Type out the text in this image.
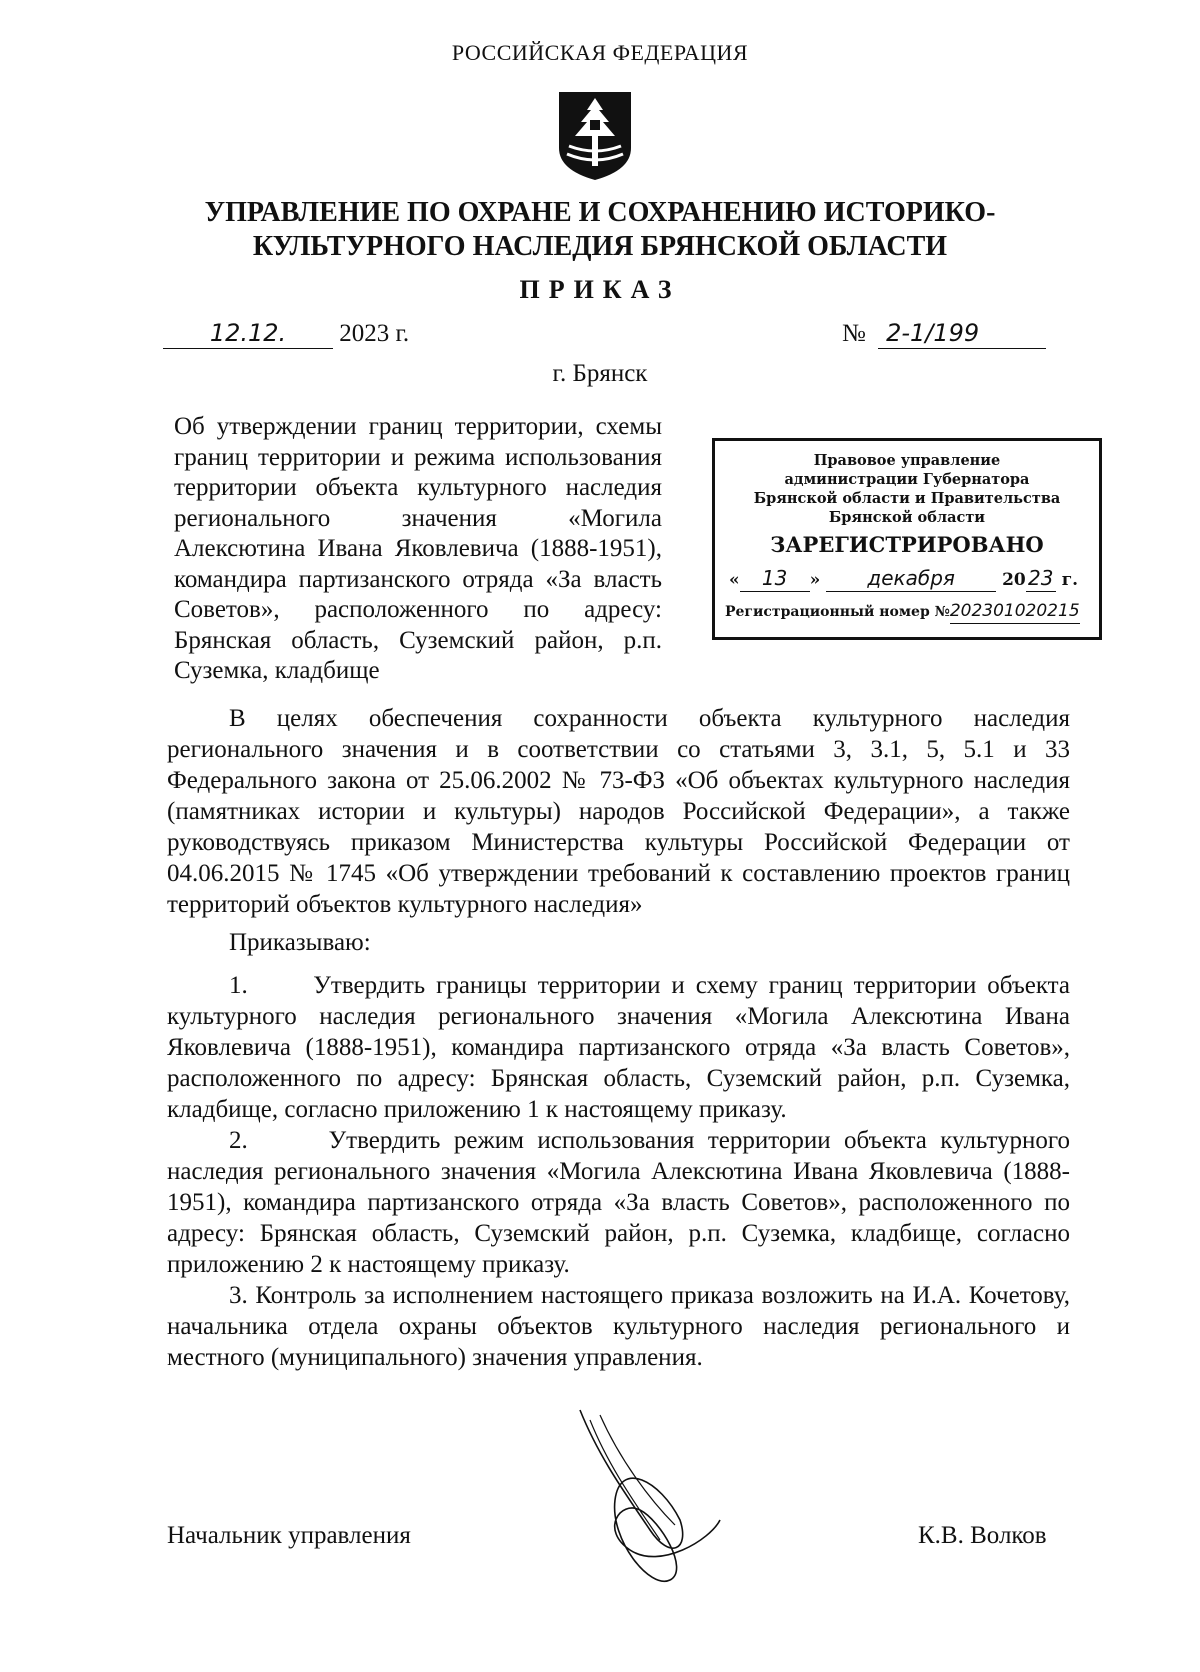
РОССИЙСКАЯ ФЕДЕРАЦИЯ
УПРАВЛЕНИЕ ПО ОХРАНЕ И СОХРАНЕНИЮ ИСТОРИКО-
КУЛЬТУРНОГО НАСЛЕДИЯ БРЯНСКОЙ ОБЛАСТИ
ПРИКАЗ
12.12. 2023 г.	№ 2-1/199
г. Брянск
Об утверждении границ территории, схемы границ территории и режима использования территории объекта культурного наследия регионального значения «Могила Алексютина Ивана Яковлевича (1888-1951), командира партизанского отряда «За власть Советов», расположенного по адресу: Брянская область, Суземский район, р.п. Суземка, кладбище
Правовое управление
администрации Губернатора
Брянской области и Правительства
Брянской области
ЗАРЕГИСТРИРОВАНО
« 13 » декабря	20 23 г.
Регистрационный номер №202301020215
В целях обеспечения сохранности объекта культурного наследия регионального значения и в соответствии со статьями 3, 3.1, 5, 5.1 и 33 Федерального закона от 25.06.2002 № 73-ФЗ «Об объектах культурного наследия (памятниках истории и культуры) народов Российской Федерации», а также руководствуясь приказом Министерства культуры Российской Федерации от 04.06.2015 № 1745 «Об утверждении требований к составлению проектов границ территорий объектов культурного наследия»
Приказываю:
1.      Утвердить границы территории и схему границ территории объекта культурного наследия регионального значения «Могила Алексютина Ивана Яковлевича (1888-1951), командира партизанского отряда «За власть Советов», расположенного по адресу: Брянская область, Суземский район, р.п. Суземка, кладбище, согласно приложению 1 к настоящему приказу.
2.      Утвердить режим использования территории объекта культурного наследия регионального значения «Могила Алексютина Ивана Яковлевича (1888-1951), командира партизанского отряда «За власть Советов», расположенного по адресу: Брянская область, Суземский район, р.п. Суземка, кладбище, согласно приложению 2 к настоящему приказу.
3. Контроль за исполнением настоящего приказа возложить на И.А. Кочетову, начальника отдела охраны объектов культурного наследия регионального и местного (муниципального) значения управления.
Начальник управления	К.В. Волков
